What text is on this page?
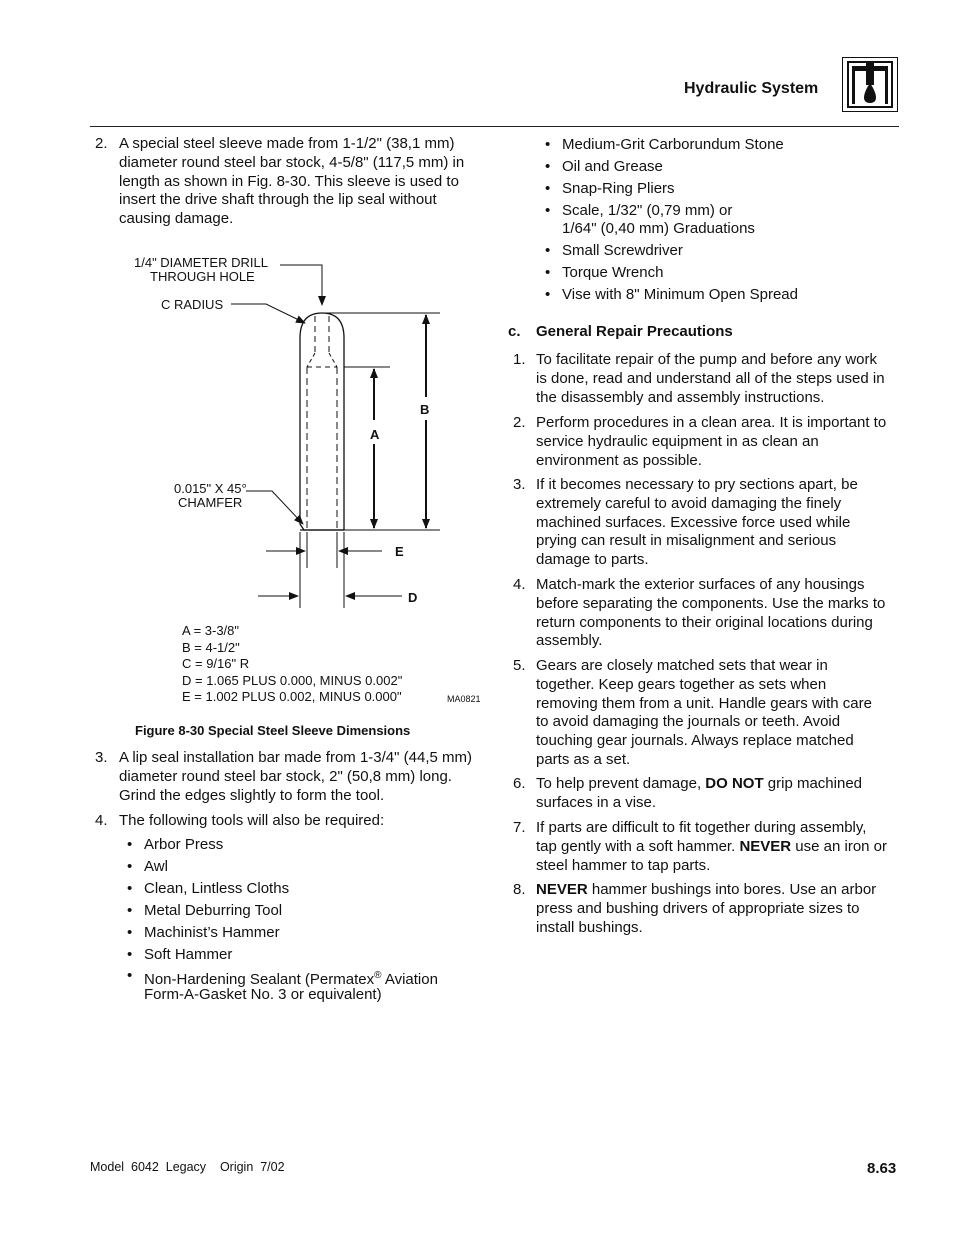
Hydraulic System
2. A special steel sleeve made from 1-1/2" (38,1 mm)
diameter round steel bar stock, 4-5/8" (117,5 mm) in
length as shown in Fig. 8-30. This sleeve is used to
insert the drive shaft through the lip seal without
causing damage.
1/4" DIAMETER DRILL
THROUGH HOLE
C RADIUS
0.015" X 45°
CHAMFER
A
B
E
D
A = 3-3/8"
B = 4-1/2"
C = 9/16" R
D = 1.065 PLUS 0.000, MINUS 0.002"
E = 1.002 PLUS 0.002, MINUS 0.000"	MA0821
Figure 8-30 Special Steel Sleeve Dimensions
3. A lip seal installation bar made from 1-3/4" (44,5 mm)
diameter round steel bar stock, 2" (50,8 mm) long.
Grind the edges slightly to form the tool.
4. The following tools will also be required:
• Arbor Press
• Awl
• Clean, Lintless Cloths
• Metal Deburring Tool
• Machinist’s Hammer
• Soft Hammer
• Non-Hardening Sealant (Permatex® Aviation
Form-A-Gasket No. 3 or equivalent)
• Medium-Grit Carborundum Stone
• Oil and Grease
• Snap-Ring Pliers
• Scale, 1/32" (0,79 mm) or
1/64" (0,40 mm) Graduations
• Small Screwdriver
• Torque Wrench
• Vise with 8" Minimum Open Spread
c. General Repair Precautions
1. To facilitate repair of the pump and before any work
is done, read and understand all of the steps used in
the disassembly and assembly instructions.
2. Perform procedures in a clean area. It is important to
service hydraulic equipment in as clean an
environment as possible.
3. If it becomes necessary to pry sections apart, be
extremely careful to avoid damaging the finely
machined surfaces. Excessive force used while
prying can result in misalignment and serious
damage to parts.
4. Match-mark the exterior surfaces of any housings
before separating the components. Use the marks to
return components to their original locations during
assembly.
5. Gears are closely matched sets that wear in
together. Keep gears together as sets when
removing them from a unit. Handle gears with care
to avoid damaging the journals or teeth. Avoid
touching gear journals. Always replace matched
parts as a set.
6. To help prevent damage, DO NOT grip machined
surfaces in a vise.
7. If parts are difficult to fit together during assembly,
tap gently with a soft hammer. NEVER use an iron or
steel hammer to tap parts.
8. NEVER hammer bushings into bores. Use an arbor
press and bushing drivers of appropriate sizes to
install bushings.
Model  6042  Legacy    Origin  7/02	8.63
